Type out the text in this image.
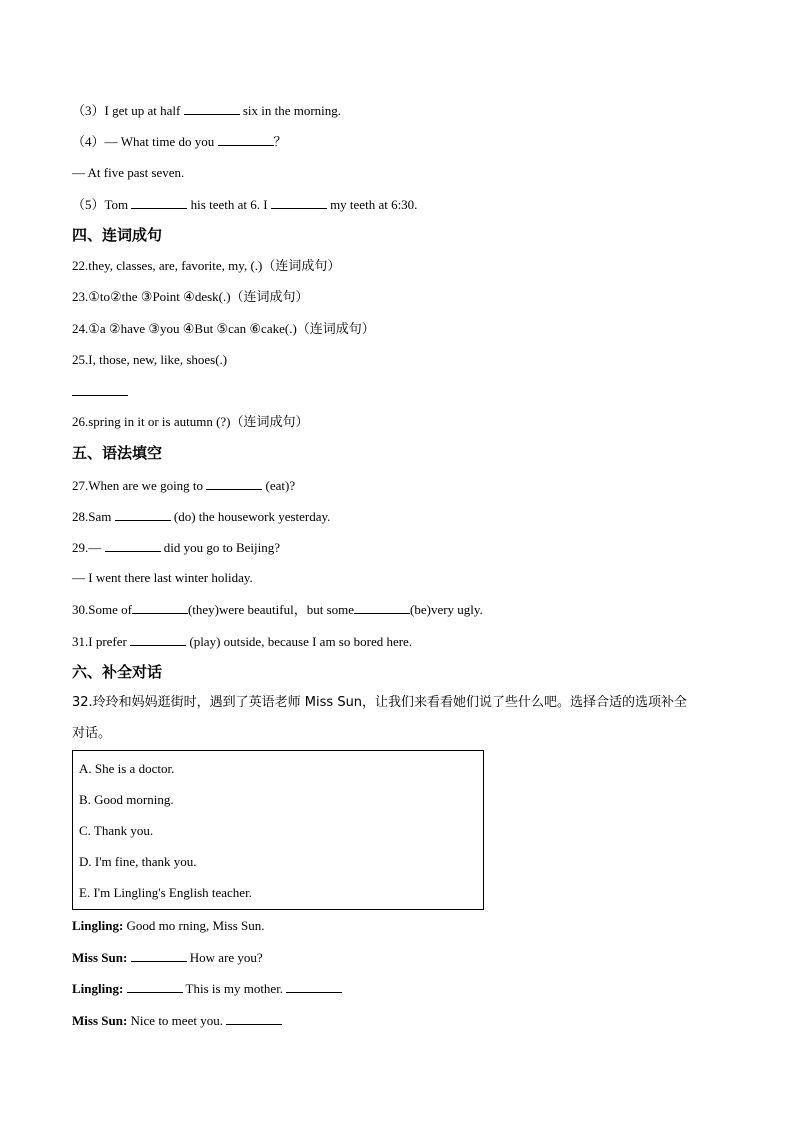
（3）I get up at half	six in the morning.
（4）— What time do you	？
— At five past seven.
（5）Tom	his teeth at 6. I	my teeth at 6:30.
四、连词成句
22.they, classes, are, favorite, my, (.)（连词成句）
23.①to②the ③Point ④desk(.)（连词成句）
24.①a ②have ③you ④But ⑤can ⑥cake(.)（连词成句）
25.I, those, new, like, shoes(.)
26.spring in it or is autumn (?)（连词成句）
五、语法填空
27.When are we going to	(eat)?
28.Sam	(do) the housework yesterday.
29.—	did you go to Beijing?
— I went there last winter holiday.
30.Some of	(they)were beautiful，but some	(be)very ugly.
31.I prefer	(play) outside, because I am so bored here.
六、补全对话
32.玲玲和妈妈逛街时，遇到了英语老师 Miss Sun，让我们来看看她们说了些什么吧。选择合适的选项补全
对话。
A. She is a doctor.
B. Good morning.
C. Thank you.
D. I'm fine, thank you.
E. I'm Lingling's English teacher.
Lingling: Good mo rning, Miss Sun.
Miss Sun:	How are you?
Lingling:	This is my mother.
Miss Sun: Nice to meet you.
